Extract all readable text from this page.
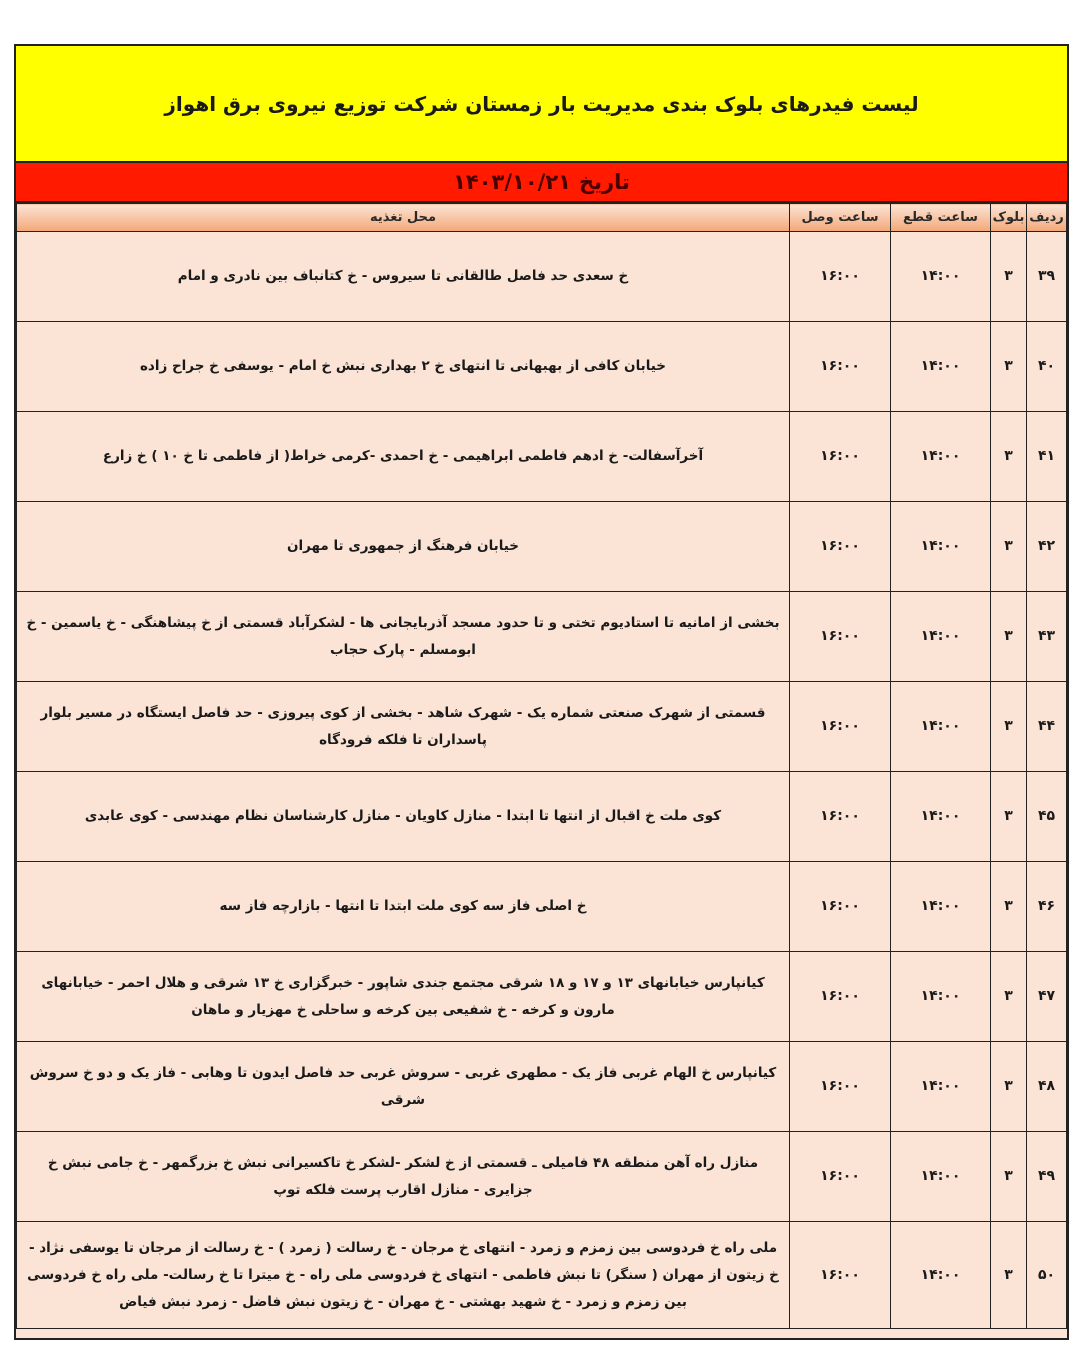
لیست فیدرهای بلوک بندی مدیریت بار زمستان شرکت توزیع نیروی برق اهواز
تاریخ
۱۴۰۳/۱۰/۲۱
ردیف	بلوک	ساعت قطع	ساعت وصل	محل تغذیه
۳۹	۳	۱۴:۰۰	۱۶:۰۰	خ سعدی حد فاصل طالقانی تا سیروس - خ کتانباف بین نادری و امام
۴۰	۳	۱۴:۰۰	۱۶:۰۰	خیابان کافی از بهبهانی تا انتهای خ ۲ بهداری نبش خ امام - یوسفی خ جراح زاده
۴۱	۳	۱۴:۰۰	۱۶:۰۰	آخرآسفالت- خ ادهم فاطمی ابراهیمی - خ احمدی -کرمی خراط( از فاطمی تا خ ۱۰ ) خ زارع
۴۲	۳	۱۴:۰۰	۱۶:۰۰	خیابان فرهنگ از جمهوری تا مهران
۴۳	۳	۱۴:۰۰	۱۶:۰۰	بخشی از امانیه تا استادیوم تختی و تا حدود مسجد آذربایجانی ها - لشکرآباد قسمتی از خ پیشاهنگی - خ یاسمین - خ ابومسلم - پارک حجاب
۴۴	۳	۱۴:۰۰	۱۶:۰۰	قسمتی از شهرک صنعتی شماره یک - شهرک شاهد - بخشی از کوی پیروزی - حد فاصل ایستگاه در مسیر بلوار پاسداران تا فلکه فرودگاه
۴۵	۳	۱۴:۰۰	۱۶:۰۰	کوی ملت خ اقبال از انتها تا ابتدا - منازل کاویان - منازل کارشناسان نظام مهندسی - کوی عابدی
۴۶	۳	۱۴:۰۰	۱۶:۰۰	خ اصلی فاز سه کوی ملت ابتدا تا انتها - بازارچه فاز سه
۴۷	۳	۱۴:۰۰	۱۶:۰۰	کیانپارس خیابانهای ۱۳ و ۱۷ و ۱۸ شرقی مجتمع جندی شاپور - خبرگزاری خ ۱۳ شرقی و هلال احمر - خیابانهای مارون و کرخه - خ شفیعی بین کرخه و ساحلی خ مهزیار و ماهان
۴۸	۳	۱۴:۰۰	۱۶:۰۰	کیانپارس خ الهام غربی فاز یک - مطهری غربی - سروش غربی حد فاصل ایدون تا وهابی - فاز یک و دو خ سروش شرقی
۴۹	۳	۱۴:۰۰	۱۶:۰۰	منازل راه آهن منطقه ۴۸ فامیلی ـ قسمتی از خ لشکر -لشکر خ تاکسیرانی نبش خ بزرگمهر - خ جامی نبش خ جزایری - منازل اقارب پرست فلکه توپ
۵۰	۳	۱۴:۰۰	۱۶:۰۰	ملی راه خ فردوسی بین زمزم و زمرد - انتهای خ مرجان - خ رسالت ( زمرد ) - خ رسالت از مرجان تا یوسفی نژاد - خ زیتون از مهران ( سنگر) تا نبش فاطمی - انتهای خ فردوسی ملی راه - خ میترا تا خ رسالت- ملی راه خ فردوسی بین زمزم و زمرد - خ شهید بهشتی - خ مهران - خ زیتون نبش فاضل - زمرد نبش فیاض
